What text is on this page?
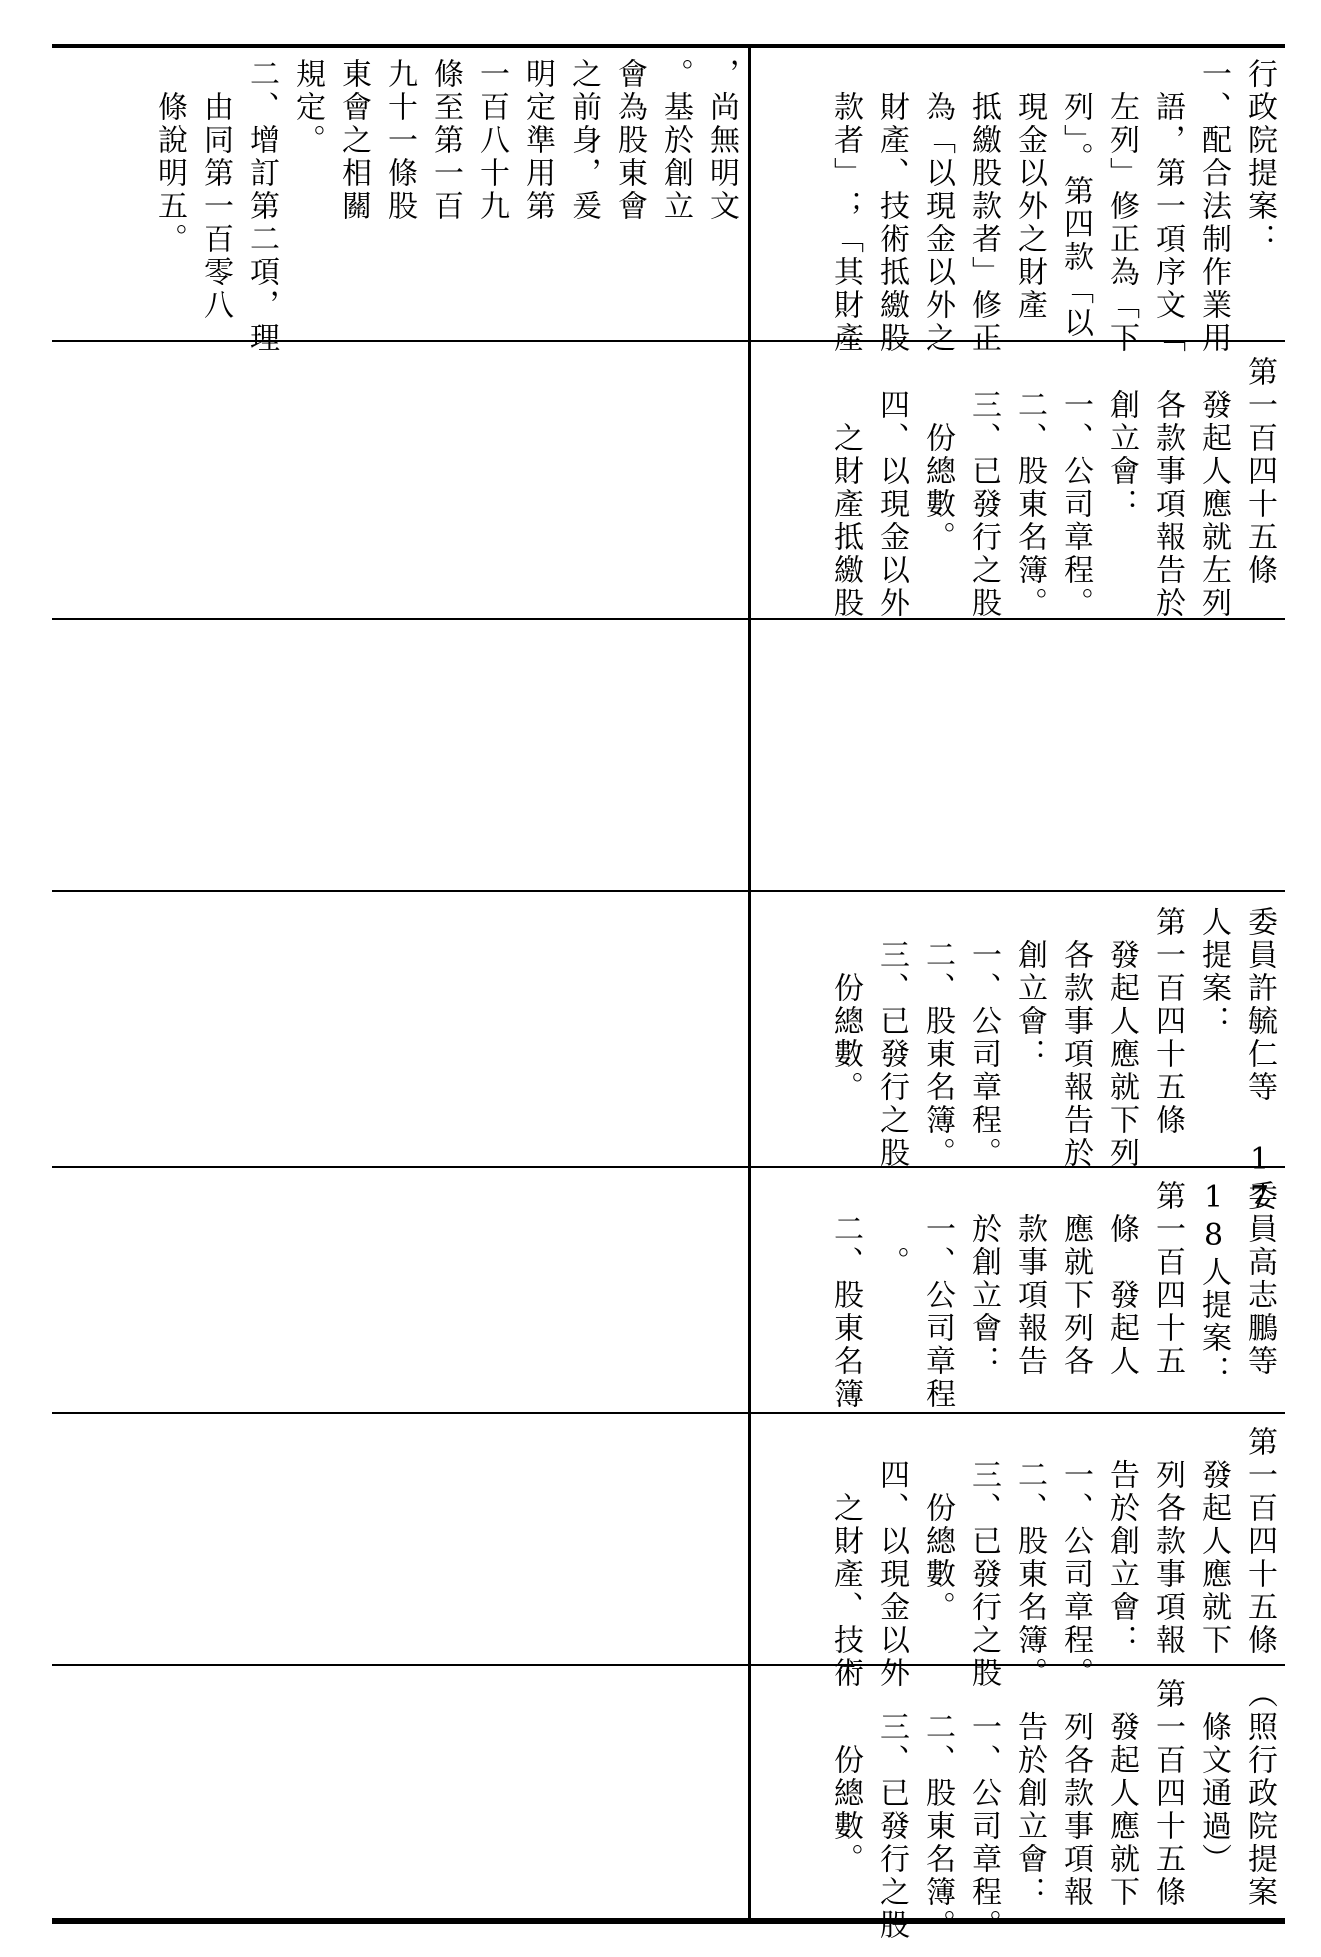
行政院提案：
一、配合法制作業用
　語，第一項序文「
　左列」修正為「下
　列」。第四款「以
　現金以外之財產
　抵繳股款者」修正
　為「以現金以外之
　財產、技術抵繳股
　款者」；「其財產
，尚無明文
。基於創立
會為股東會
之前身，爰
明定準用第
一百八十九
條至第一百
九十一條股
東會之相關
規定。
二、增訂第二項，理
　由同第一百零八
　條說明五。
第一百四十五條
　發起人應就左列
　各款事項報告於
　創立會：
　一、公司章程。
　二、股東名簿。
　三、已發行之股
　　份總數。
　四、以現金以外
　　之財產抵繳股
委員許毓仁等 17
人提案：
第一百四十五條
　發起人應就下列
　各款事項報告於
　創立會：
　一、公司章程。
　二、股東名簿。
　三、已發行之股
　　份總數。
委員高志鵬等
18人提案：
第一百四十五
　條　發起人
　應就下列各
　款事項報告
　於創立會：
　一、公司章程
　　。
　二、股東名簿
第一百四十五條
　發起人應就下
　列各款事項報
　告於創立會：
　一、公司章程。
　二、股東名簿。
　三、已發行之股
　　份總數。
　四、以現金以外
　　之財產、技術
（照行政院提案
　條文通過）
第一百四十五條
　發起人應就下
　列各款事項報
　告於創立會：
　一、公司章程。
　二、股東名簿。
　三、已發行之股
　　份總數。
